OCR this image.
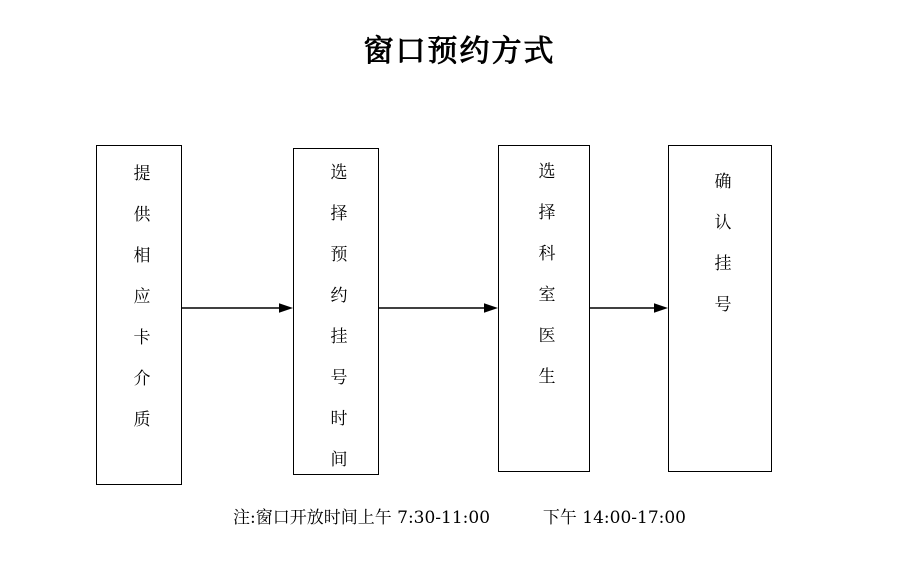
窗口预约方式
提供相应卡介质	选择预约挂号时间	选择科室医生	确认挂号
注:窗口开放时间上午 7:30-11:00	下午 14:00-17:00
